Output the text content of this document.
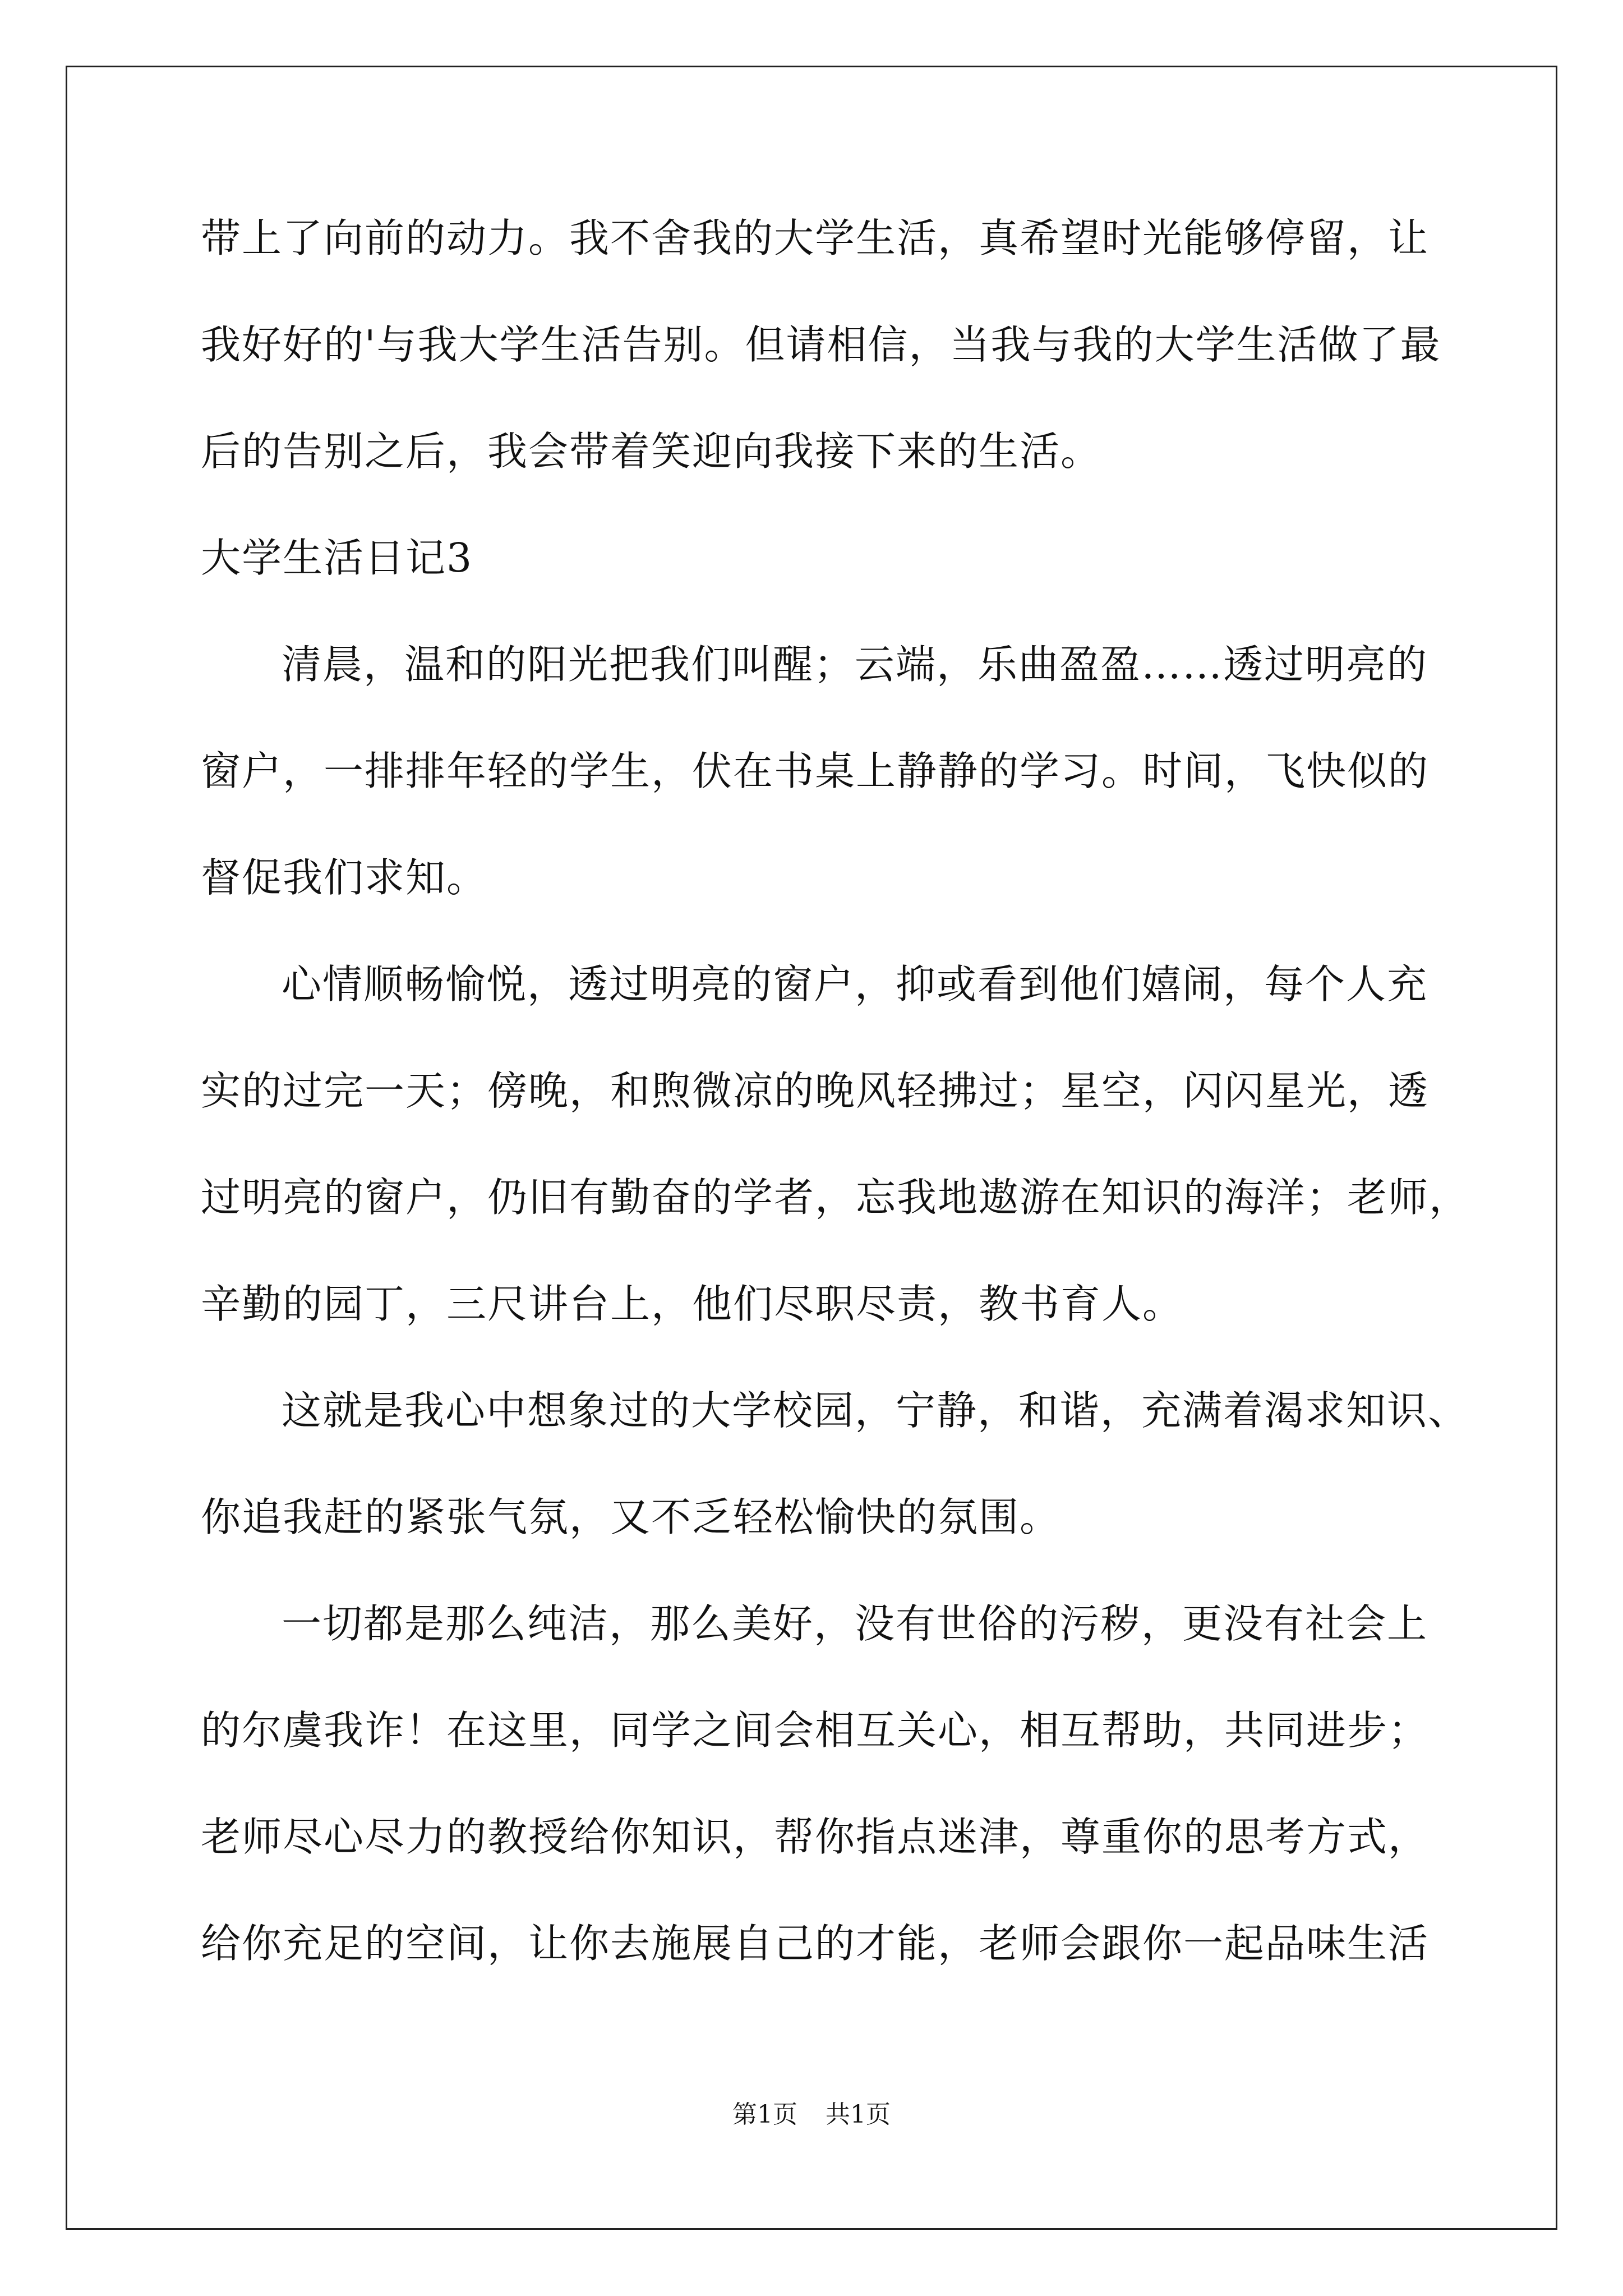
带上了向前的动力。我不舍我的大学生活，真希望时光能够停留，让
我好好的'与我大学生活告别。但请相信，当我与我的大学生活做了最
后的告别之后，我会带着笑迎向我接下来的生活。
大学生活日记3
清晨，温和的阳光把我们叫醒；云端，乐曲盈盈……透过明亮的
窗户，一排排年轻的学生，伏在书桌上静静的学习。时间，飞快似的
督促我们求知。
心情顺畅愉悦，透过明亮的窗户，抑或看到他们嬉闹，每个人充
实的过完一天；傍晚，和煦微凉的晚风轻拂过；星空，闪闪星光，透
过明亮的窗户，仍旧有勤奋的学者，忘我地遨游在知识的海洋；老师，
辛勤的园丁，三尺讲台上，他们尽职尽责，教书育人。
这就是我心中想象过的大学校园，宁静，和谐，充满着渴求知识、
你追我赶的紧张气氛，又不乏轻松愉快的氛围。
一切都是那么纯洁，那么美好，没有世俗的污秽，更没有社会上
的尔虞我诈！在这里，同学之间会相互关心，相互帮助，共同进步；
老师尽心尽力的教授给你知识，帮你指点迷津，尊重你的思考方式，
给你充足的空间，让你去施展自己的才能，老师会跟你一起品味生活
第1页 共1页
